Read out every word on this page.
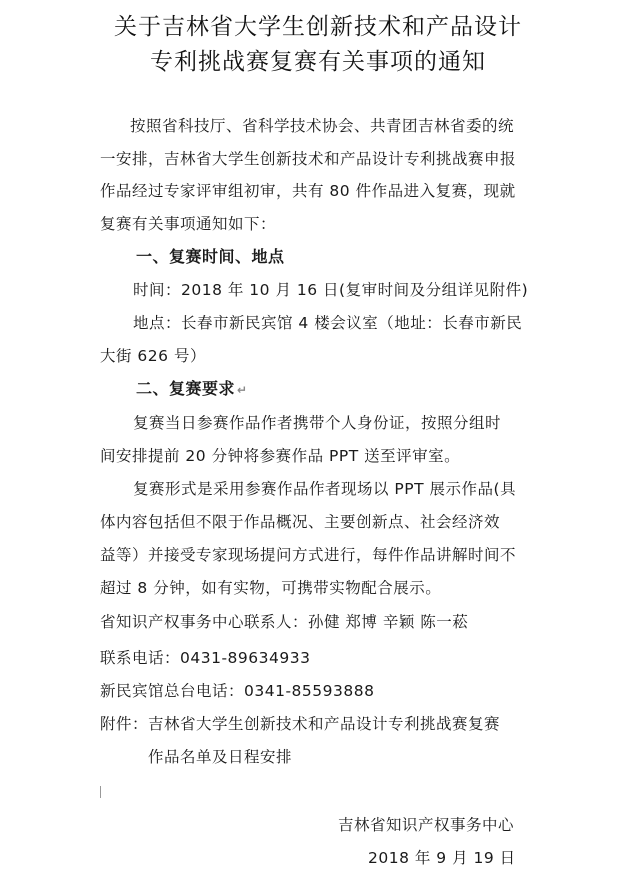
关于吉林省大学生创新技术和产品设计
专利挑战赛复赛有关事项的通知
按照省科技厅、省科学技术协会、共青团吉林省委的统
一安排，吉林省大学生创新技术和产品设计专利挑战赛申报
作品经过专家评审组初审，共有 80 件作品进入复赛，现就
复赛有关事项通知如下：
一、复赛时间、地点
时间：2018 年 10 月 16 日(复审时间及分组详见附件)
地点：长春市新民宾馆 4 楼会议室（地址：长春市新民
大街 626 号）
二、复赛要求 ↵
复赛当日参赛作品作者携带个人身份证，按照分组时
间安排提前 20 分钟将参赛作品 PPT 送至评审室。
复赛形式是采用参赛作品作者现场以 PPT 展示作品(具
体内容包括但不限于作品概况、主要创新点、社会经济效
益等）并接受专家现场提问方式进行，每件作品讲解时间不
超过 8 分钟，如有实物，可携带实物配合展示。
省知识产权事务中心联系人：孙健 郑博 辛颖 陈一菘
联系电话：0431-89634933
新民宾馆总台电话：0341-85593888
附件：吉林省大学生创新技术和产品设计专利挑战赛复赛
作品名单及日程安排
吉林省知识产权事务中心
2018 年 9 月 19 日
